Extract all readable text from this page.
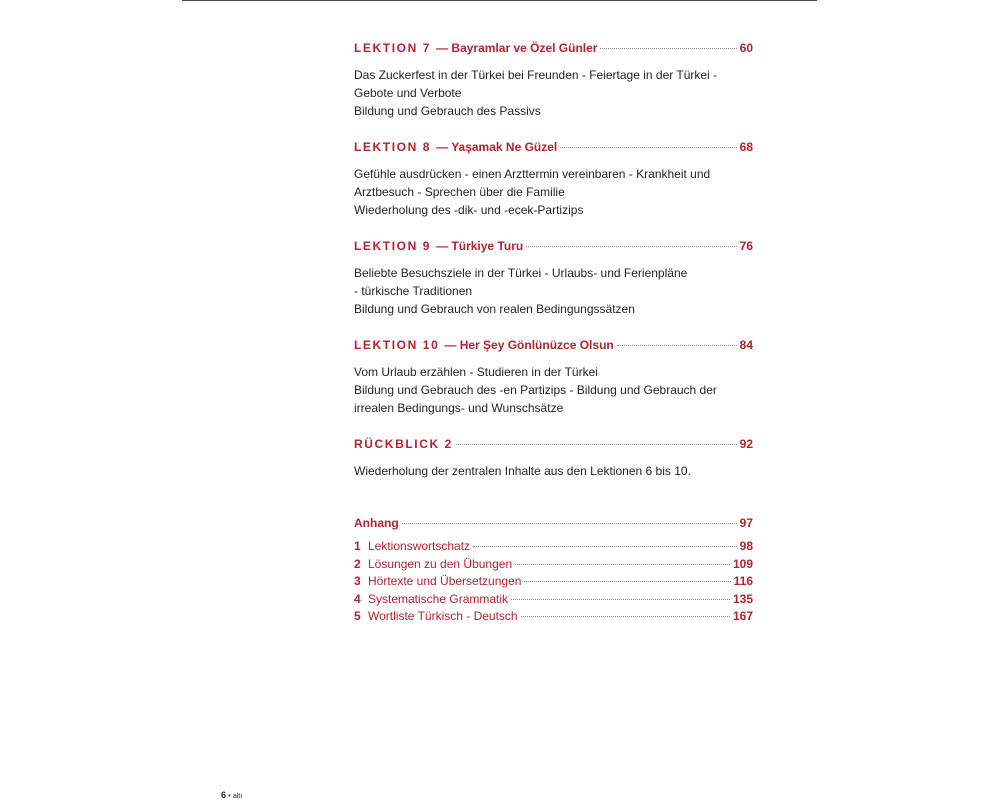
LEKTION 7 — Bayramlar ve Özel Günler	60
Das Zuckerfest in der Türkei bei Freunden - Feiertage in der Türkei -
Gebote und Verbote
Bildung und Gebrauch des Passivs
LEKTION 8 — Yaşamak Ne Güzel	68
Gefühle ausdrücken - einen Arzttermin vereinbaren - Krankheit und
Arztbesuch - Sprechen über die Familie
Wiederholung des -dik- und -ecek-Partizips
LEKTION 9 — Türkiye Turu	76
Beliebte Besuchsziele in der Türkei - Urlaubs- und Ferienpläne
- türkische Traditionen
Bildung und Gebrauch von realen Bedingungssätzen
LEKTION 10 — Her Şey Gönlünüzce Olsun	84
Vom Urlaub erzählen - Studieren in der Türkei
Bildung und Gebrauch des -en Partizips - Bildung und Gebrauch der
irrealen Bedingungs- und Wunschsätze
RÜCKBLICK 2	92
Wiederholung der zentralen Inhalte aus den Lektionen 6 bis 10.
Anhang	97
1 Lektionswortschatz	98
2 Lösungen zu den Übungen	109
3 Hörtexte und Übersetzungen	116
4 Systematische Grammatik	135
5 Wortliste Türkisch - Deutsch	167
6 • altı
